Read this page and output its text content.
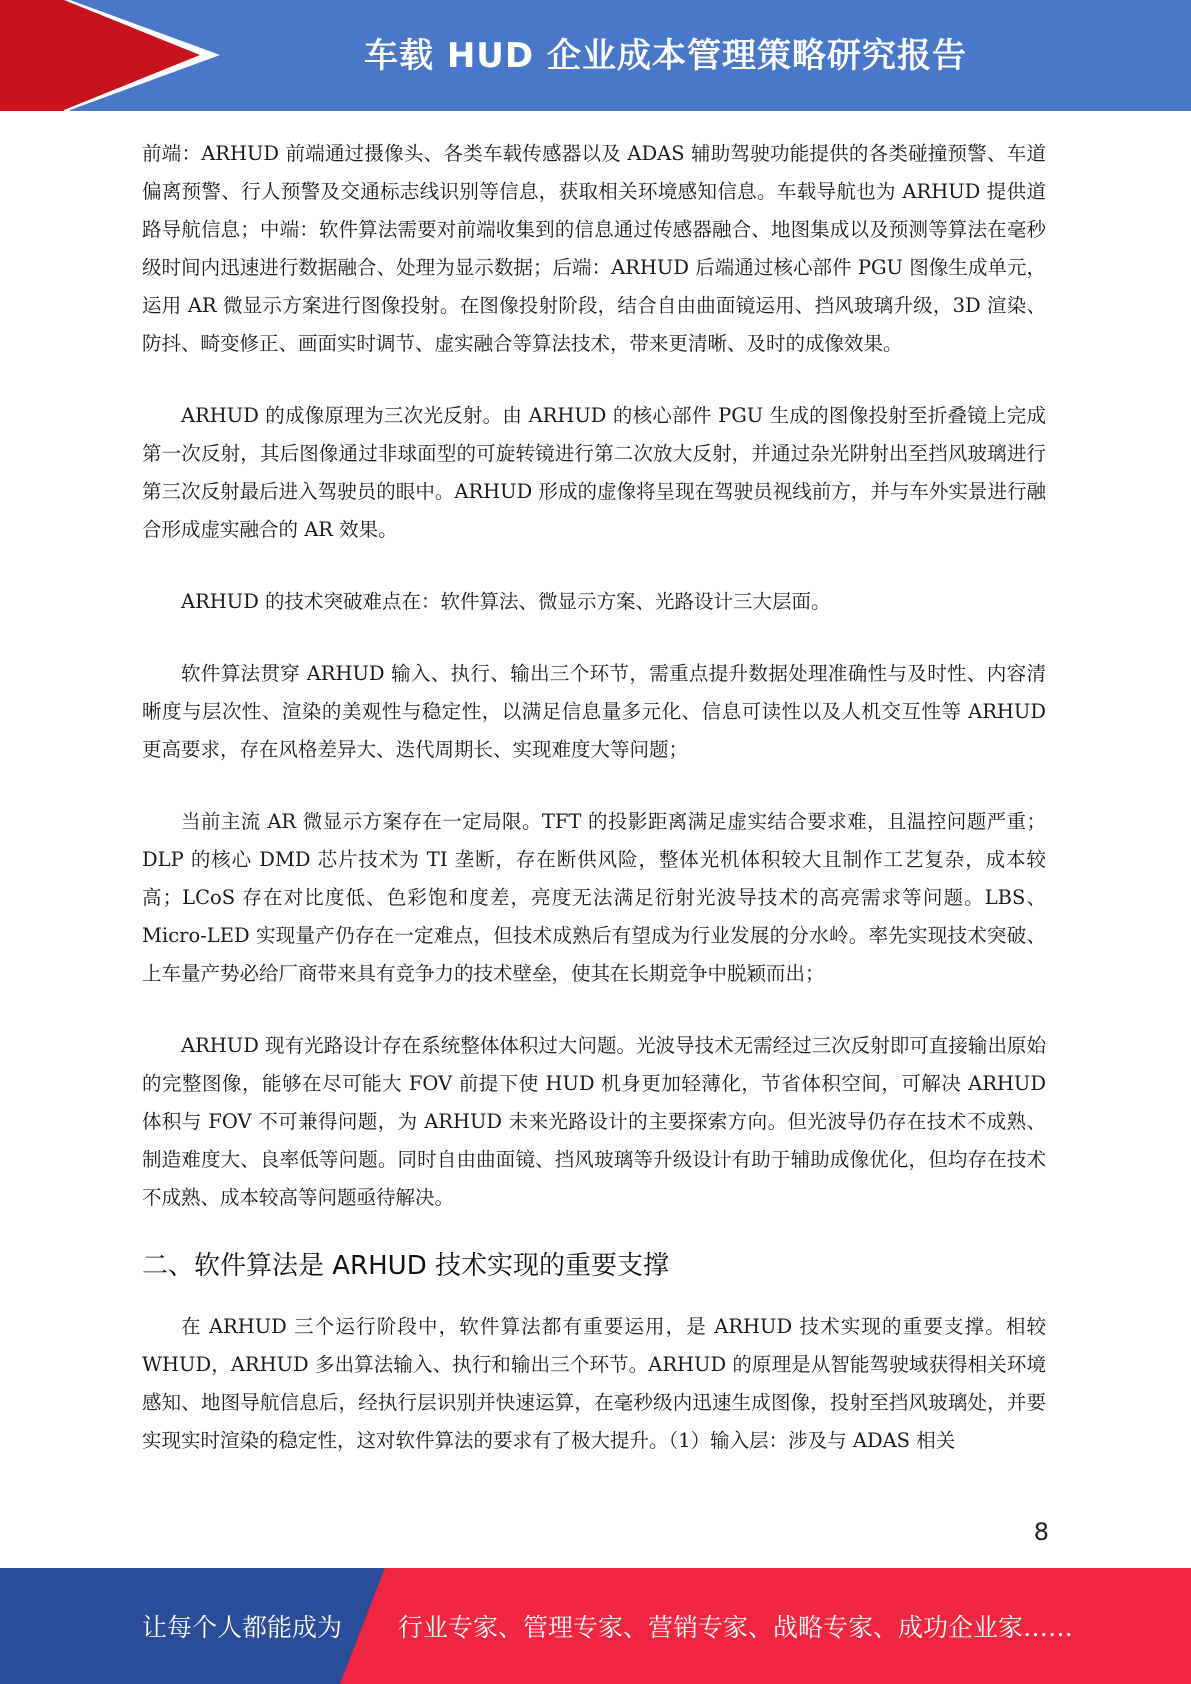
车载 HUD 企业成本管理策略研究报告

前端：ARHUD 前端通过摄像头、各类车载传感器以及 ADAS 辅助驾驶功能提供的各类碰撞预警、车道偏离预警、行人预警及交通标志线识别等信息，获取相关环境感知信息。车载导航也为 ARHUD 提供道路导航信息；中端：软件算法需要对前端收集到的信息通过传感器融合、地图集成以及预测等算法在毫秒级时间内迅速进行数据融合、处理为显示数据；后端：ARHUD 后端通过核心部件 PGU 图像生成单元，运用 AR 微显示方案进行图像投射。在图像投射阶段，结合自由曲面镜运用、挡风玻璃升级，3D 渲染、防抖、畸变修正、画面实时调节、虚实融合等算法技术，带来更清晰、及时的成像效果。

ARHUD 的成像原理为三次光反射。由 ARHUD 的核心部件 PGU 生成的图像投射至折叠镜上完成第一次反射，其后图像通过非球面型的可旋转镜进行第二次放大反射，并通过杂光阱射出至挡风玻璃进行第三次反射最后进入驾驶员的眼中。ARHUD 形成的虚像将呈现在驾驶员视线前方，并与车外实景进行融合形成虚实融合的 AR 效果。

ARHUD 的技术突破难点在：软件算法、微显示方案、光路设计三大层面。

软件算法贯穿 ARHUD 输入、执行、输出三个环节，需重点提升数据处理准确性与及时性、内容清晰度与层次性、渲染的美观性与稳定性，以满足信息量多元化、信息可读性以及人机交互性等 ARHUD 更高要求，存在风格差异大、迭代周期长、实现难度大等问题；

当前主流 AR 微显示方案存在一定局限。TFT 的投影距离满足虚实结合要求难，且温控问题严重；DLP 的核心 DMD 芯片技术为 TI 垄断，存在断供风险，整体光机体积较大且制作工艺复杂，成本较高；LCoS 存在对比度低、色彩饱和度差，亮度无法满足衍射光波导技术的高亮需求等问题。LBS、Micro-LED 实现量产仍存在一定难点，但技术成熟后有望成为行业发展的分水岭。率先实现技术突破、上车量产势必给厂商带来具有竞争力的技术壁垒，使其在长期竞争中脱颖而出；

ARHUD 现有光路设计存在系统整体体积过大问题。光波导技术无需经过三次反射即可直接输出原始的完整图像，能够在尽可能大 FOV 前提下使 HUD 机身更加轻薄化，节省体积空间，可解决 ARHUD 体积与 FOV 不可兼得问题，为 ARHUD 未来光路设计的主要探索方向。但光波导仍存在技术不成熟、制造难度大、良率低等问题。同时自由曲面镜、挡风玻璃等升级设计有助于辅助成像优化，但均存在技术不成熟、成本较高等问题亟待解决。

二、软件算法是 ARHUD 技术实现的重要支撑

在 ARHUD 三个运行阶段中，软件算法都有重要运用，是 ARHUD 技术实现的重要支撑。相较 WHUD，ARHUD 多出算法输入、执行和输出三个环节。ARHUD 的原理是从智能驾驶域获得相关环境感知、地图导航信息后，经执行层识别并快速运算，在毫秒级内迅速生成图像，投射至挡风玻璃处，并要实现实时渲染的稳定性，这对软件算法的要求有了极大提升。（1）输入层：涉及与 ADAS 相关

8
让每个人都能成为 行业专家、管理专家、营销专家、战略专家、成功企业家……
